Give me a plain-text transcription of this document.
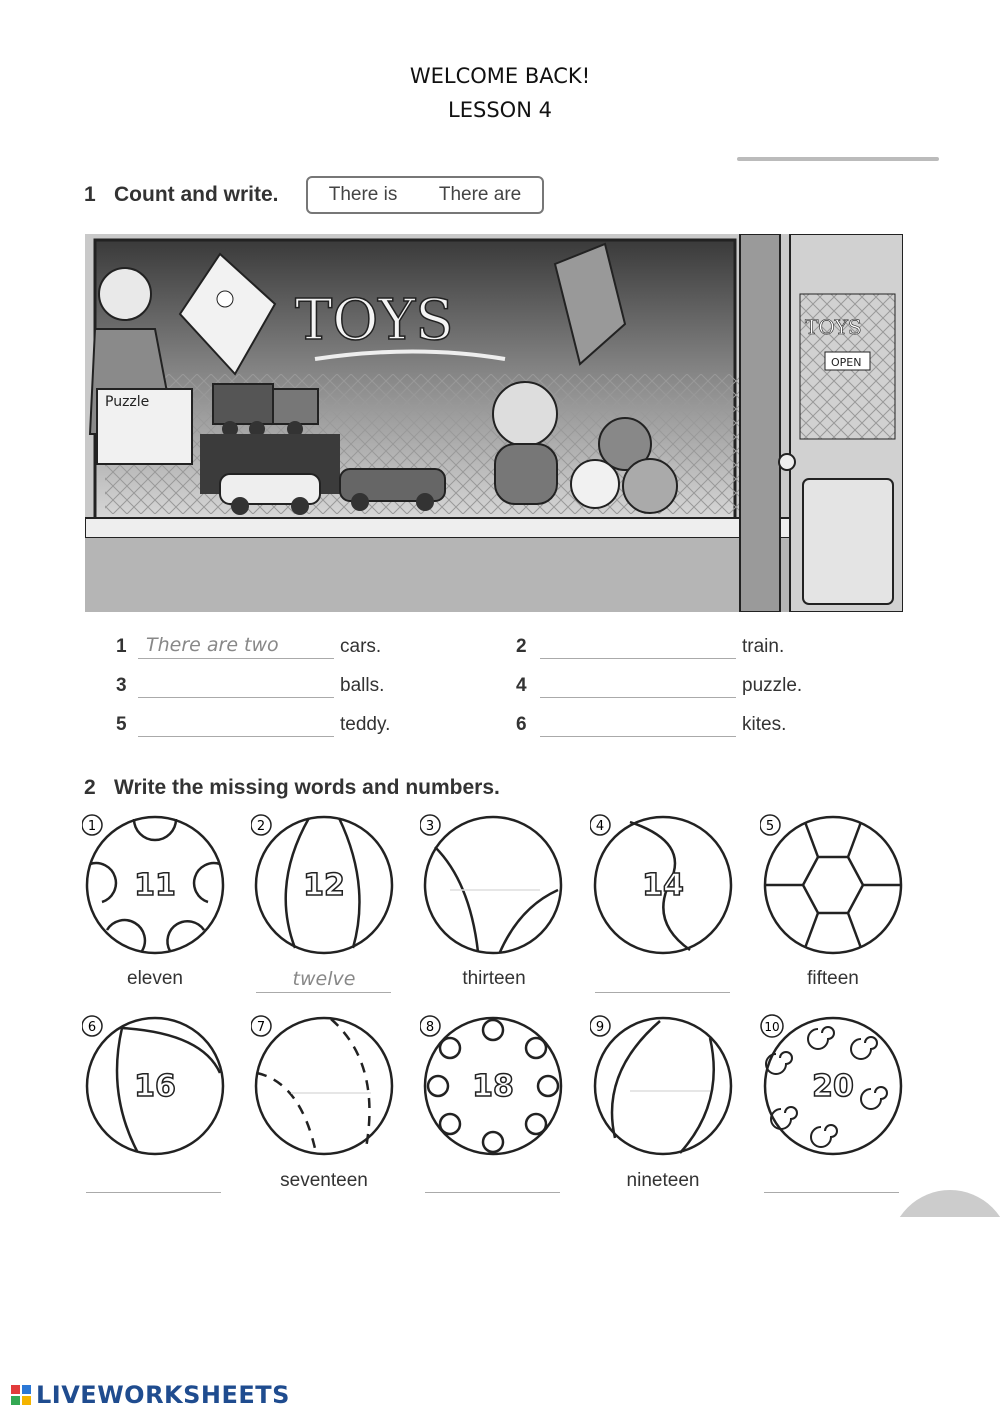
WELCOME BACK!
LESSON 4
1 Count and write.	There is There are
TOYS
Puzzle
TOYS
OPEN
1	There are two	cars.	2	train.
3	balls.	4	puzzle.
5	teddy.	6	kites.
2 Write the missing words and numbers.
1
11
2
12
3	4
14
5
eleven	twelve	thirteen	fifteen
6
16
7	8
18
9	10
20
seventeen	nineteen
LIVEWORKSHEETS
